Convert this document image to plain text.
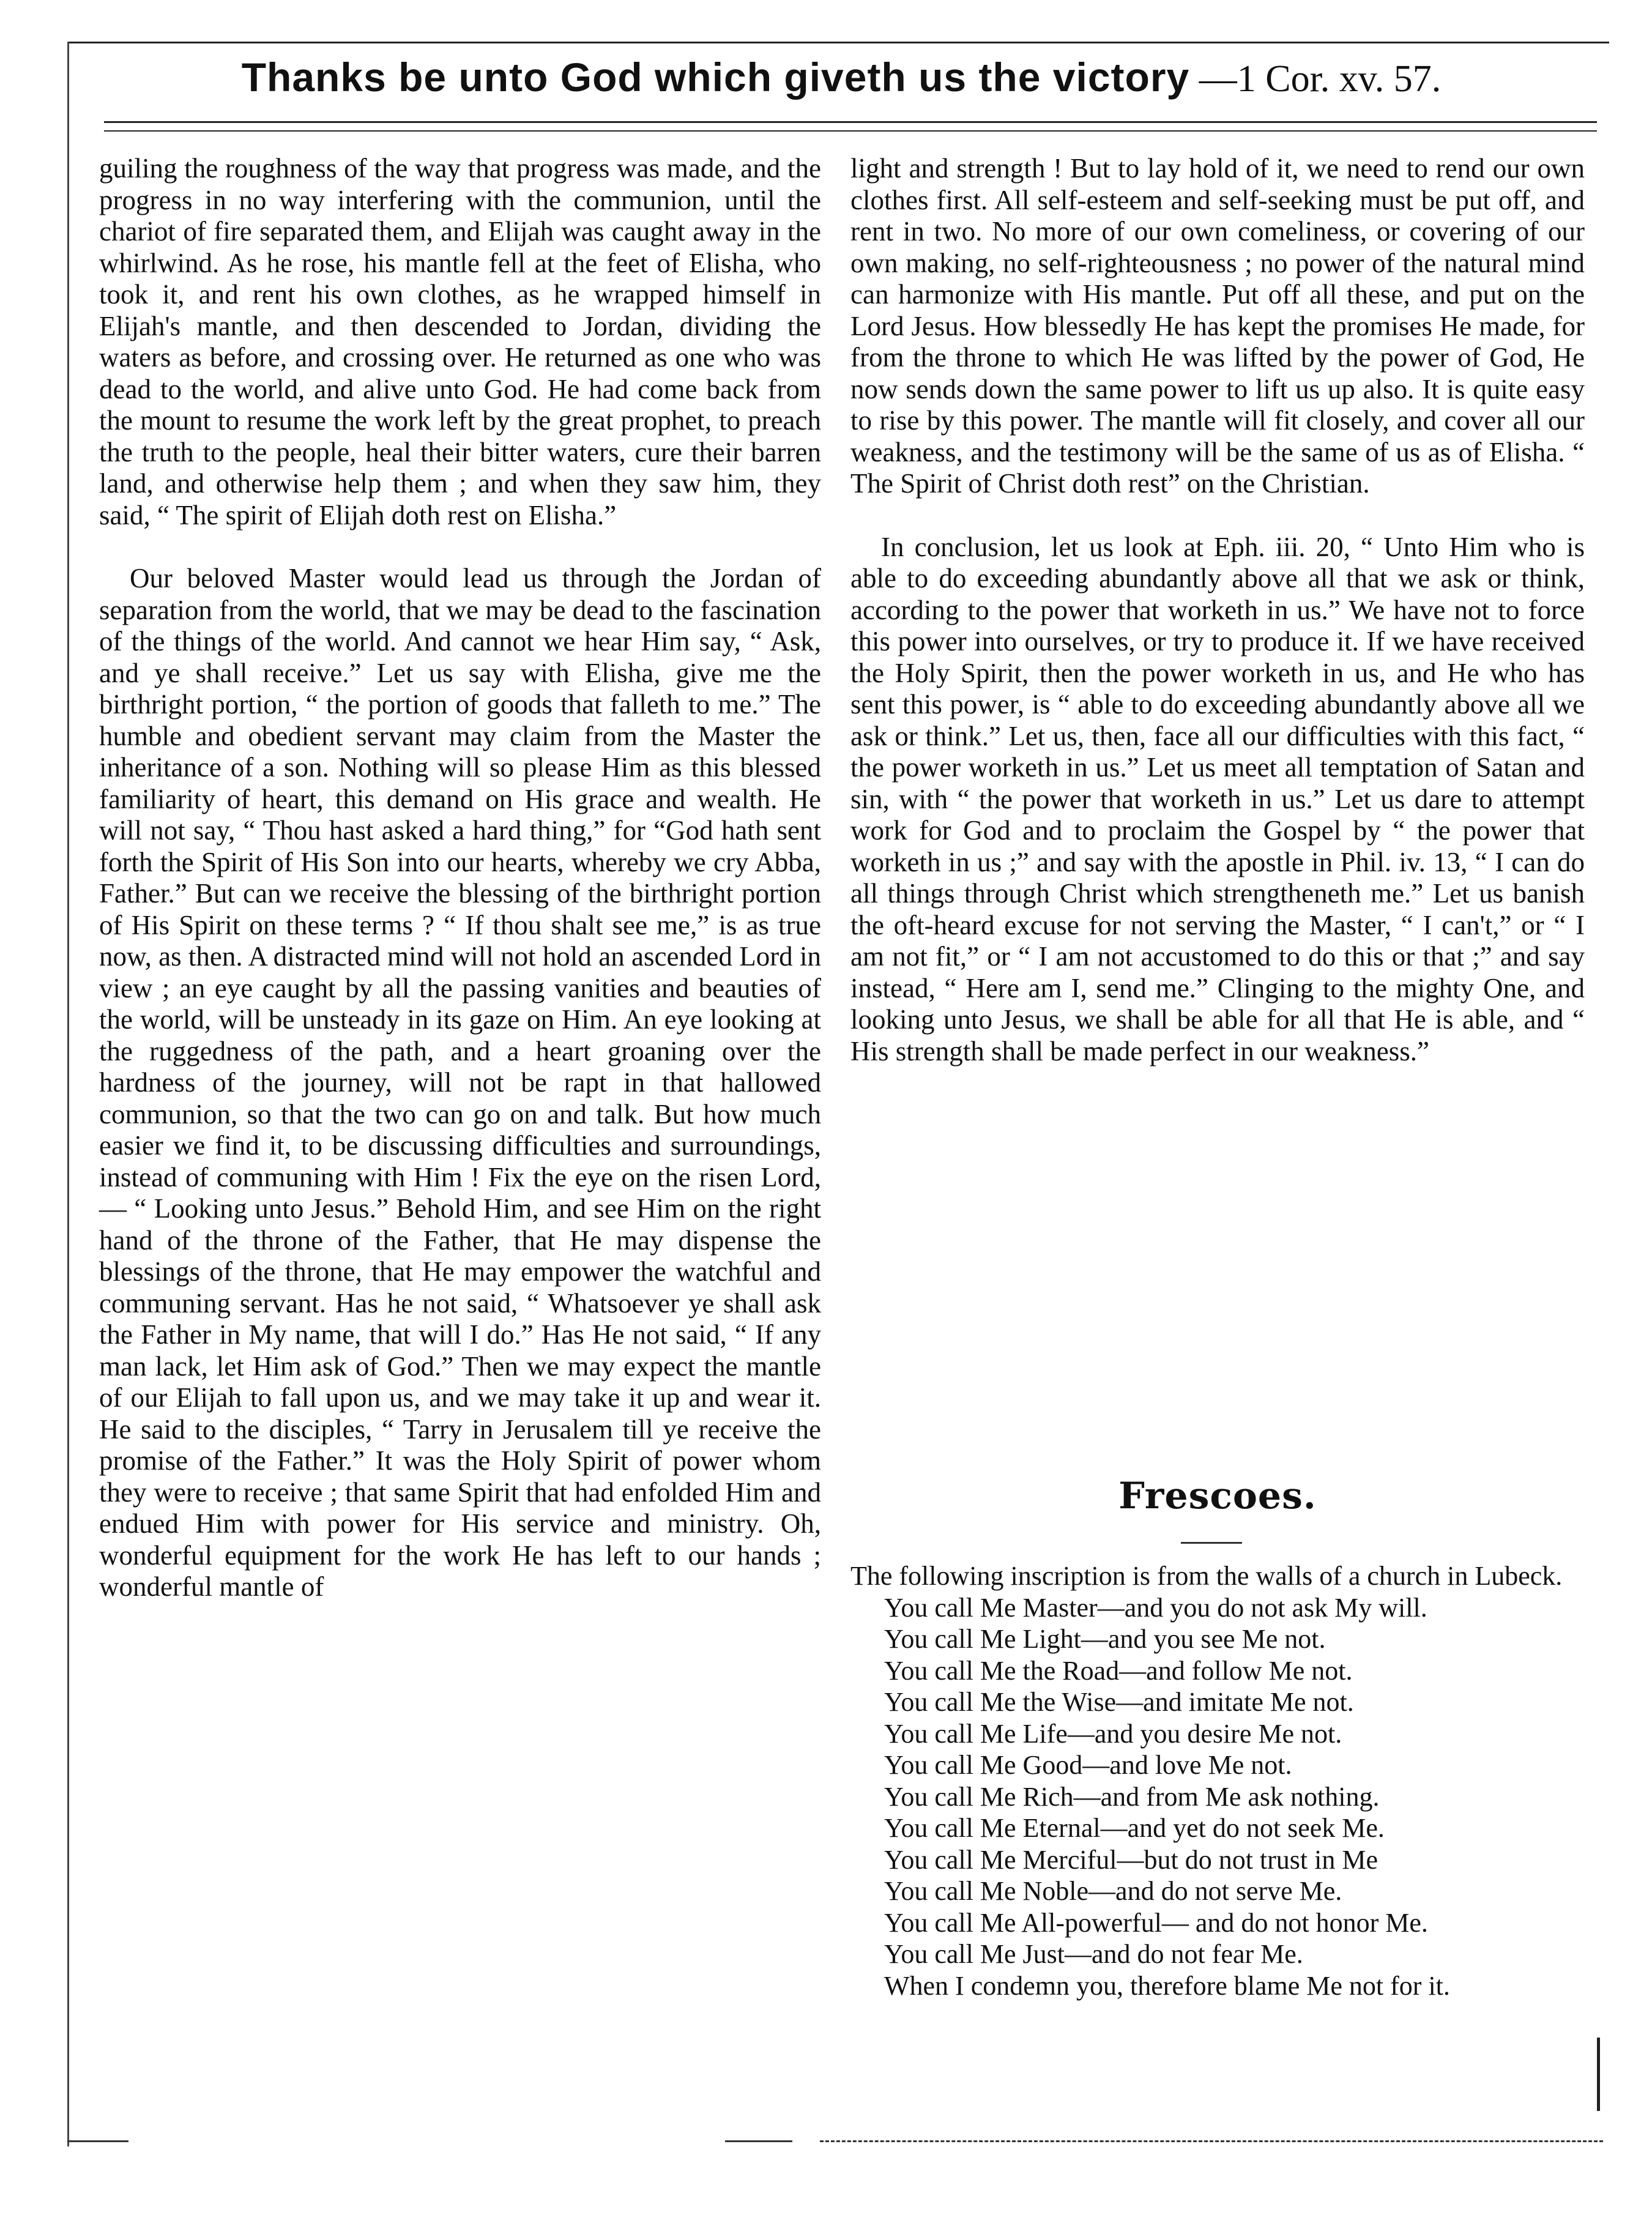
Thanks be unto God which giveth us the victory —1 Cor. xv. 57.

guiling the roughness of the way that progress was made, and the progress in no way interfering with the communion, until the chariot of fire separated them, and Elijah was caught away in the whirlwind. As he rose, his mantle fell at the feet of Elisha, who took it, and rent his own clothes, as he wrapped himself in Elijah's mantle, and then descended to Jordan, dividing the waters as before, and crossing over. He returned as one who was dead to the world, and alive unto God. He had come back from the mount to resume the work left by the great prophet, to preach the truth to the people, heal their bitter waters, cure their barren land, and otherwise help them ; and when they saw him, they said, “ The spirit of Elijah doth rest on Elisha.”

Our beloved Master would lead us through the Jordan of separation from the world, that we may be dead to the fascination of the things of the world. And cannot we hear Him say, “ Ask, and ye shall receive.” Let us say with Elisha, give me the birthright portion, “ the portion of goods that falleth to me.” The humble and obedient servant may claim from the Master the inheritance of a son. Nothing will so please Him as this blessed familiarity of heart, this demand on His grace and wealth. He will not say, “ Thou hast asked a hard thing,” for “God hath sent forth the Spirit of His Son into our hearts, whereby we cry Abba, Father.” But can we receive the blessing of the birthright portion of His Spirit on these terms ? “ If thou shalt see me,” is as true now, as then. A distracted mind will not hold an ascended Lord in view ; an eye caught by all the passing vanities and beauties of the world, will be unsteady in its gaze on Him. An eye looking at the ruggedness of the path, and a heart groaning over the hardness of the journey, will not be rapt in that hallowed communion, so that the two can go on and talk. But how much easier we find it, to be discussing difficulties and surroundings, instead of communing with Him ! Fix the eye on the risen Lord,— “ Looking unto Jesus.” Behold Him, and see Him on the right hand of the throne of the Father, that He may dispense the blessings of the throne, that He may empower the watchful and communing servant. Has he not said, “ Whatsoever ye shall ask the Father in My name, that will I do.” Has He not said, “ If any man lack, let Him ask of God.” Then we may expect the mantle of our Elijah to fall upon us, and we may take it up and wear it. He said to the disciples, “ Tarry in Jerusalem till ye receive the promise of the Father.” It was the Holy Spirit of power whom they were to receive ; that same Spirit that had enfolded Him and endued Him with power for His service and ministry. Oh, wonderful equipment for the work He has left to our hands ; wonderful mantle of

light and strength ! But to lay hold of it, we need to rend our own clothes first. All self-esteem and self-seeking must be put off, and rent in two. No more of our own comeliness, or covering of our own making, no self-righteousness ; no power of the natural mind can harmonize with His mantle. Put off all these, and put on the Lord Jesus. How blessedly He has kept the promises He made, for from the throne to which He was lifted by the power of God, He now sends down the same power to lift us up also. It is quite easy to rise by this power. The mantle will fit closely, and cover all our weakness, and the testimony will be the same of us as of Elisha. “ The Spirit of Christ doth rest” on the Christian.

In conclusion, let us look at Eph. iii. 20, “ Unto Him who is able to do exceeding abundantly above all that we ask or think, according to the power that worketh in us.” We have not to force this power into ourselves, or try to produce it. If we have received the Holy Spirit, then the power worketh in us, and He who has sent this power, is “ able to do exceeding abundantly above all we ask or think.” Let us, then, face all our difficulties with this fact, “ the power worketh in us.” Let us meet all temptation of Satan and sin, with “ the power that worketh in us.” Let us dare to attempt work for God and to proclaim the Gospel by “ the power that worketh in us ;” and say with the apostle in Phil. iv. 13, “ I can do all things through Christ which strengtheneth me.” Let us banish the oft-heard excuse for not serving the Master, “ I can't,” or “ I am not fit,” or “ I am not accustomed to do this or that ;” and say instead, “ Here am I, send me.” Clinging to the mighty One, and looking unto Jesus, we shall be able for all that He is able, and “ His strength shall be made perfect in our weakness.”

Frescoes.

The following inscription is from the walls of a church in Lubeck.

You call Me Master—and you do not ask My will.

You call Me Light—and you see Me not.
You call Me the Road—and follow Me not.
You call Me the Wise—and imitate Me not.
You call Me Life—and you desire Me not.
You call Me Good—and love Me not.
You call Me Rich—and from Me ask nothing.
You call Me Eternal—and yet do not seek Me.
You call Me Merciful—but do not trust in Me
You call Me Noble—and do not serve Me.
You call Me All-powerful— and do not honor Me.
You call Me Just—and do not fear Me.

When I condemn you, therefore blame Me not for it.
